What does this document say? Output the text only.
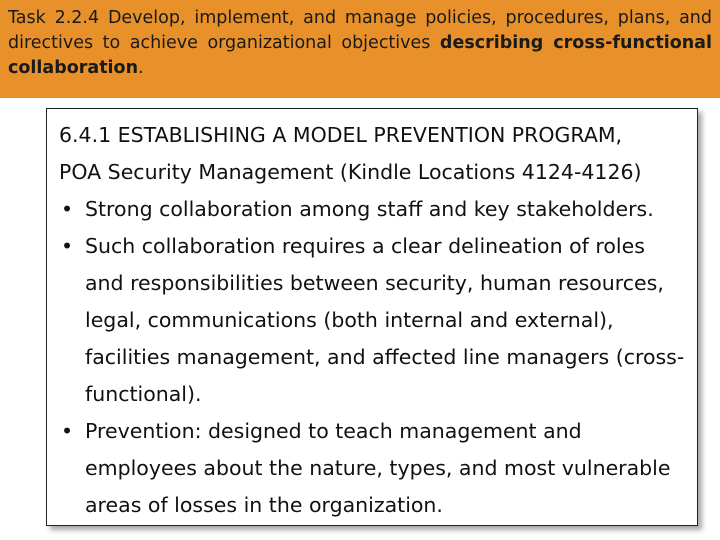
Task 2.2.4 Develop, implement, and manage policies, procedures, plans, and directives to achieve organizational objectives describing cross-functional collaboration.
6.4.1 ESTABLISHING A MODEL PREVENTION PROGRAM,
POA Security Management (Kindle Locations 4124-4126)
• Strong collaboration among staff and key stakeholders.
• Such collaboration requires a clear delineation of roles and responsibilities between security, human resources, legal, communications (both internal and external), facilities management, and affected line managers (cross-functional).
• Prevention: designed to teach management and employees about the nature, types, and most vulnerable areas of losses in the organization.
